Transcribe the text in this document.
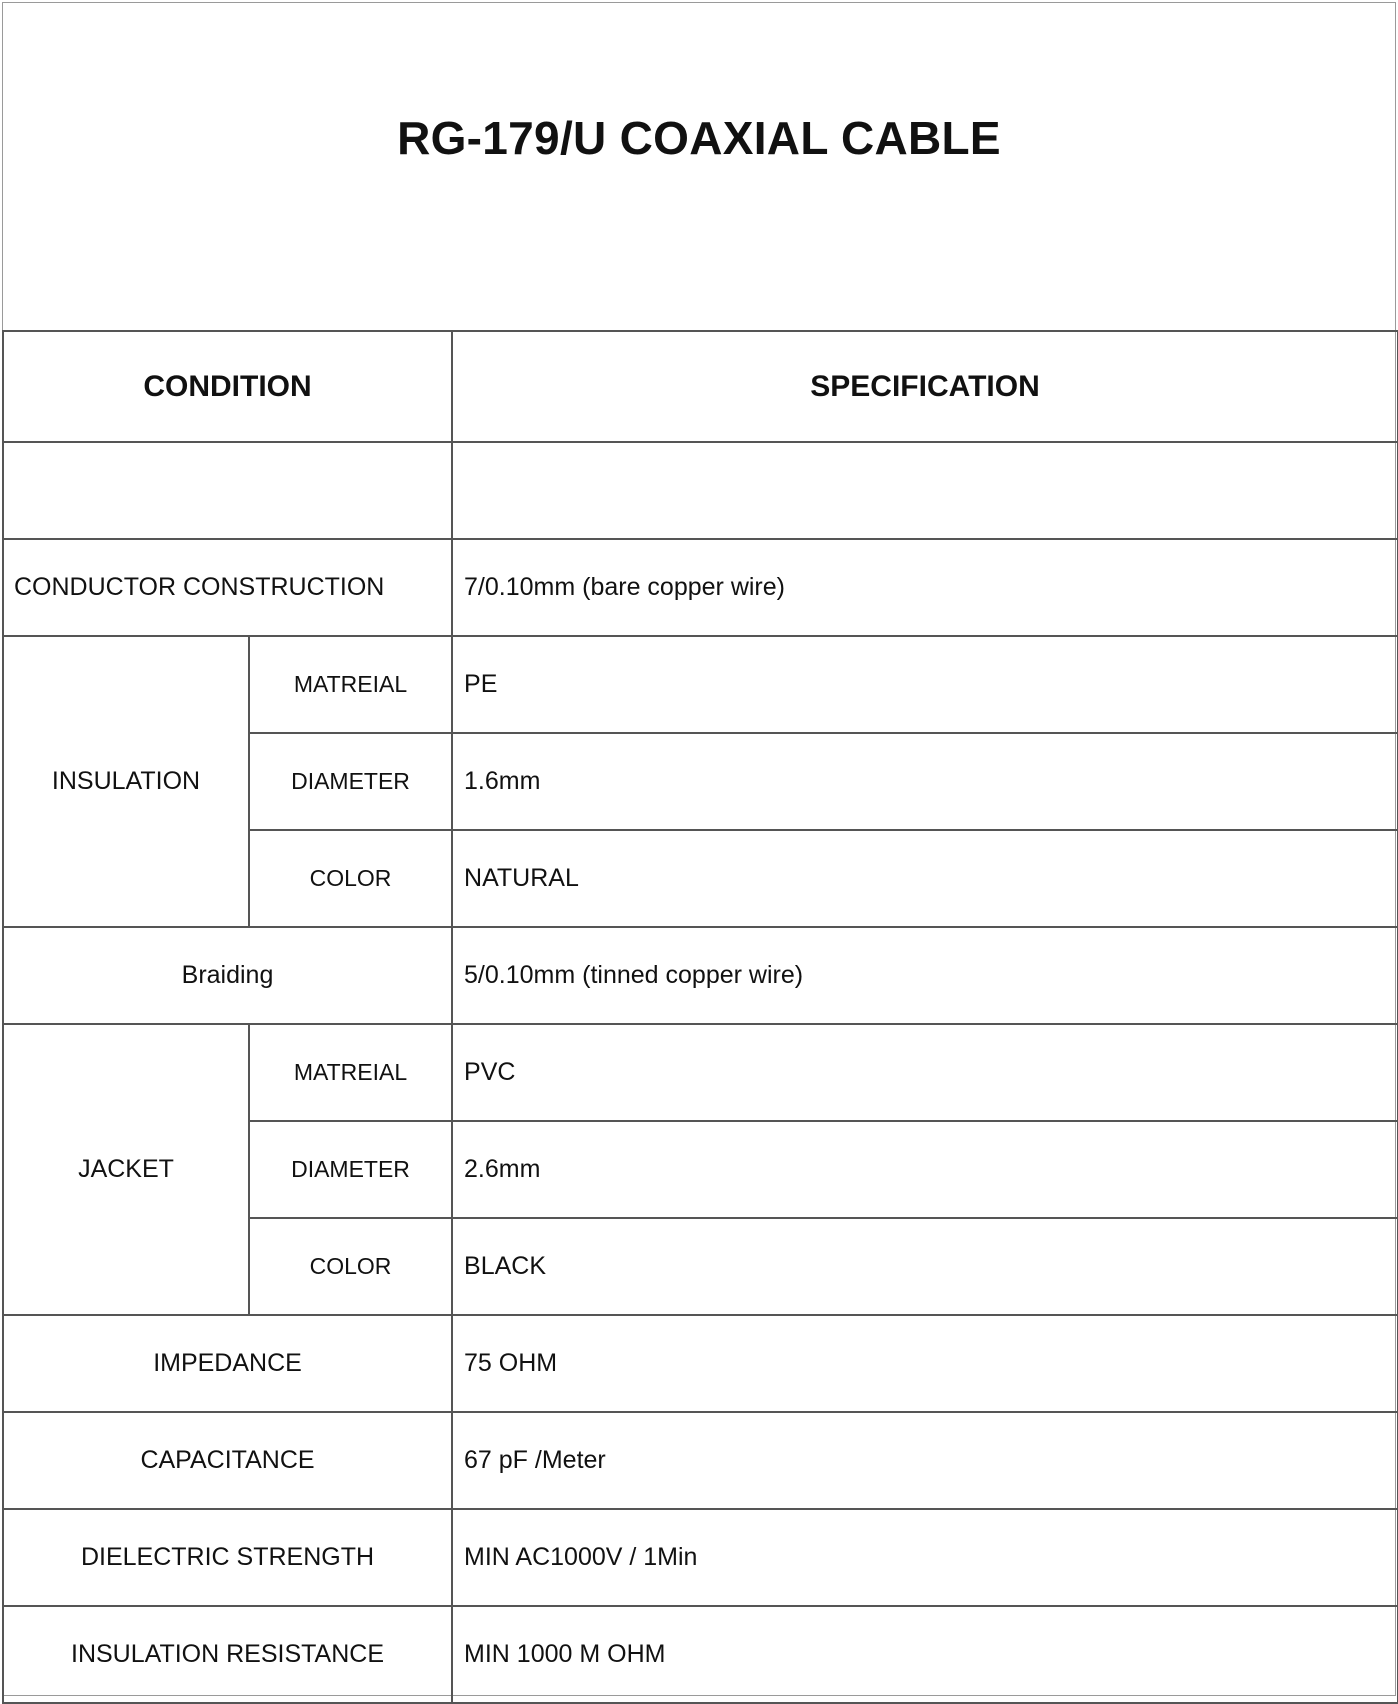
RG-179/U COAXIAL CABLE
CONDITION		SPECIFICATION

CONDUCTOR CONSTRUCTION		7/0.10mm (bare copper wire)
INSULATION	MATREIAL	PE
	DIAMETER	1.6mm
	COLOR	NATURAL
Braiding		5/0.10mm (tinned copper wire)
JACKET	MATREIAL	PVC
	DIAMETER	2.6mm
	COLOR	BLACK
IMPEDANCE		75 OHM
CAPACITANCE		67 pF /Meter
DIELECTRIC STRENGTH		MIN AC1000V / 1Min
INSULATION RESISTANCE		MIN 1000 M OHM
